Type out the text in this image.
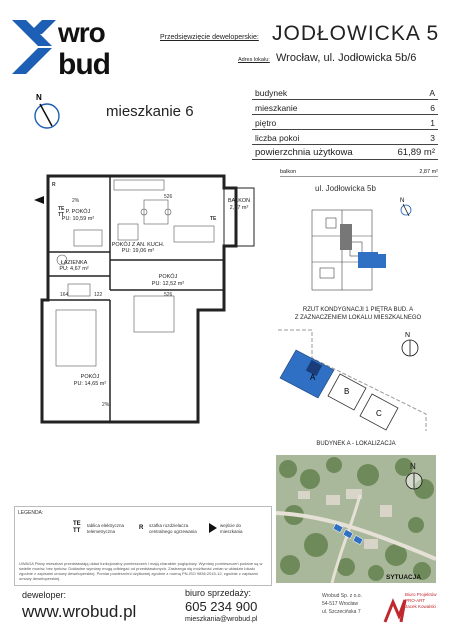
wro
bud
Przedsięwzięcie deweloperskie: JODŁOWICKA 5
Adres lokalu: Wrocław, ul. Jodłowicka 5b/6
N
mieszkanie 6
budynek	A
mieszkanie	6
piętro	1
liczba pokoi	3
powierzchnia użytkowa	61,89 m²
balkon	2,87 m²
ul. Jodłowicka 5b
N
RZUT KONDYGNACJI 1 PIĘTRA BUD. A
Z ZAZNACZENIEM LOKALU MIESZKALNEGO
A
B
C
N
BUDYNEK A - LOKALIZACJA
N
SYTUACJA
P. POKÓJ
PU: 10,59 m²
POKÓJ Z AN. KUCH.
PU: 19,06 m²
ŁAZIENKA
PU: 4,67 m²
POKÓJ
PU: 12,52 m²
POKÓJ
PU: 14,65 m²
BALKON
2,87 m²
526
526
164	122
2%
2%
R
TE
TT
TE
LEGENDA:
TE
TT
tablica elektryczna
telemetryczna	R szafka rozdzielacza
centralnego ogrzewania
wejście do
mieszkania
UWAGA Plany mieszkań przedstawiają układ funkcjonalny pomieszczeń i mają charakter poglądowy. Wymiary pomieszczeń podane są w świetle murów, bez tynków. Dokładne wymiary mogą odbiegać od przedstawionych. Zastrzega się możliwość zmian w układzie lokalu zgodnie z zapisami umowy deweloperskiej. Pomiar powierzchni użytkowej zgodnie z normą PN-ISO 9836:2015-12, zgodnie z zapisami umowy deweloperskiej.
deweloper:
www.wrobud.pl
biuro sprzedaży:
605 234 900
mieszkania@wrobud.pl
Wrobud Sp. z o.o.
54-517 Wrocław
ul. Szczecińska 7
Biuro Projektów
PRO-ART
Jacek Kowalski
